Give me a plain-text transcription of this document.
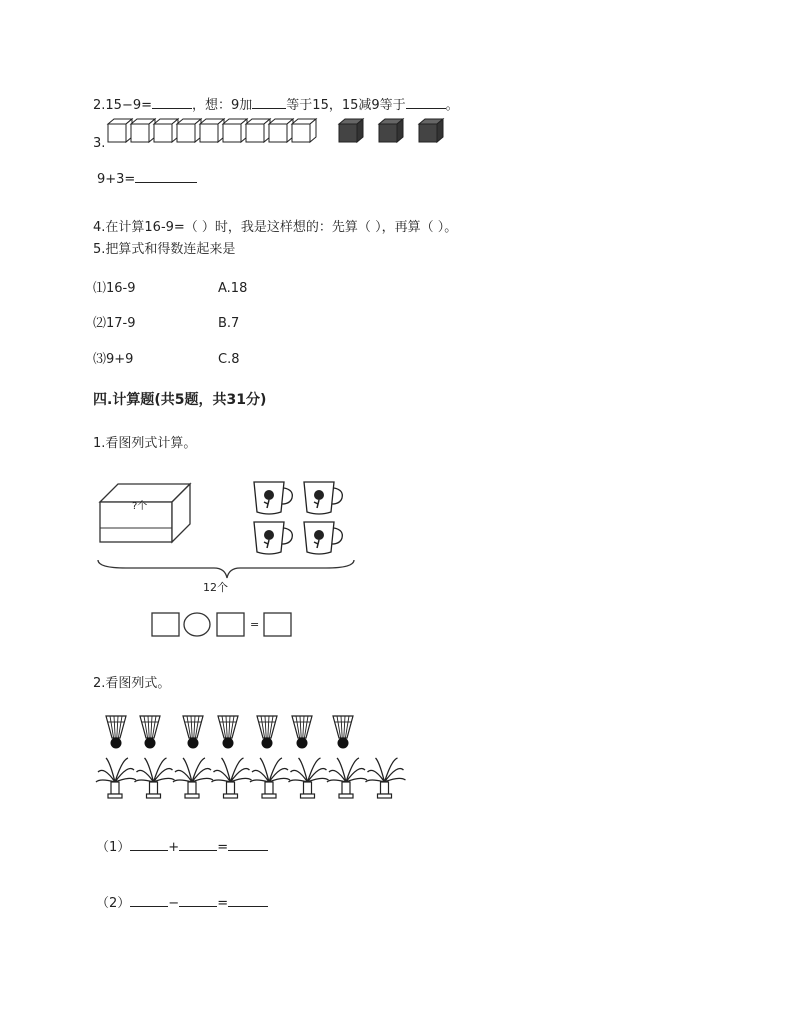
2.15−9=	，想：9加	等于15，15减9等于	。
3.
9+3=
4.在计算16-9=（ ）时，我是这样想的：先算（ ），再算（ ）。
5.把算式和得数连起来是
⑴16-9	A.18
⑵17-9	B.7
⑶9+9	C.8
四.计算题(共5题，共31分)
1.看图列式计算。
?个
12个
=
2.看图列式。
（1）	+	=
（2）	−	=
